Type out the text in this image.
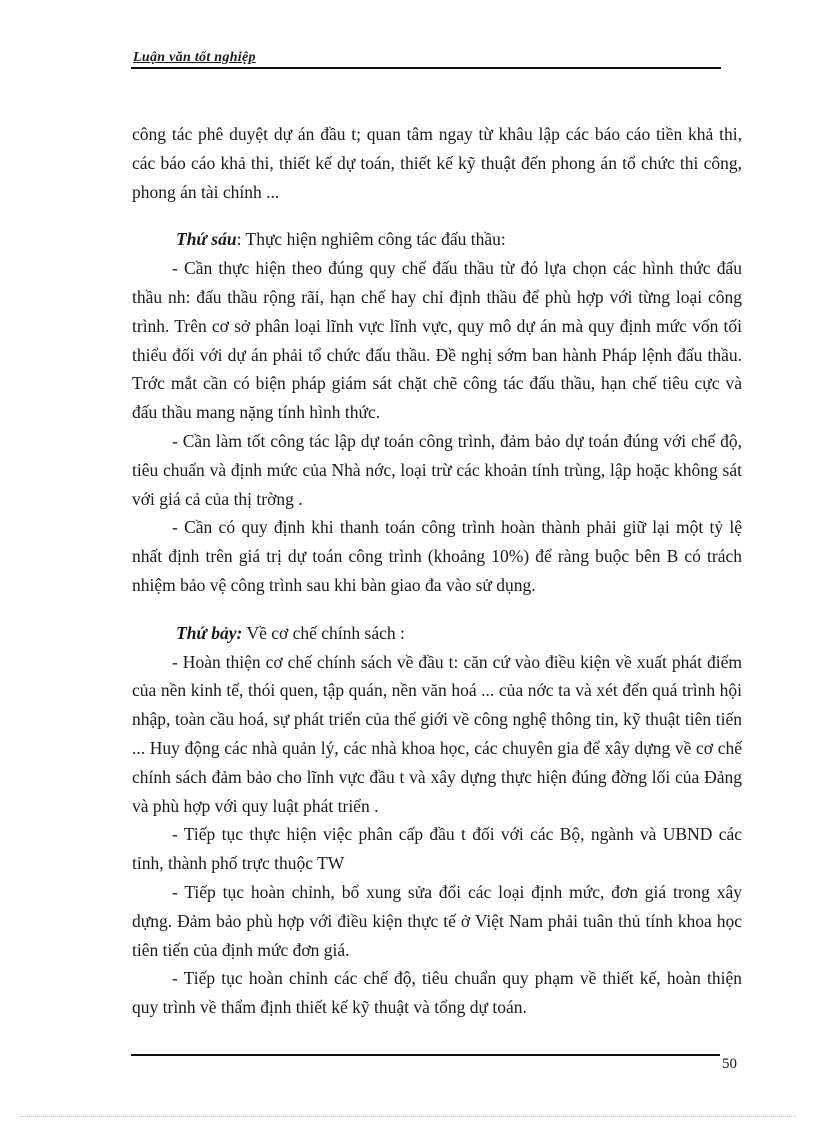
Luận văn tốt nghiệp

công tác phê duyệt dự án đầu t; quan tâm ngay từ khâu lập các báo cáo tiền khả thi, các báo cáo khả thi, thiết kế dự toán, thiết kế kỹ thuật đến phong án tổ chức thi công, phong án tài chính ...

Thứ sáu: Thực hiện nghiêm công tác đấu thầu:

- Cần thực hiện theo đúng quy chế đấu thầu từ đó lựa chọn các hình thức đấu thầu nh: đấu thầu rộng rãi, hạn chế hay chỉ định thầu để phù hợp với từng loại công trình. Trên cơ sở phân loại lĩnh vực lĩnh vực, quy mô dự án mà quy định mức vốn tối thiểu đối với dự án phải tổ chức đấu thầu. Đề nghị sớm ban hành Pháp lệnh đấu thầu. Trớc mắt cần có biện pháp giám sát chặt chẽ công tác đấu thầu, hạn chế tiêu cực và đấu thầu mang nặng tính hình thức.

- Cần làm tốt công tác lập dự toán công trình, đảm bảo dự toán đúng với chế độ, tiêu chuẩn và định mức của Nhà nớc, loại trừ các khoản tính trùng, lập hoặc không sát với giá cả của thị trờng .

- Cần có quy định khi thanh toán công trình hoàn thành phải giữ lại một tỷ lệ nhất định trên giá trị dự toán công trình (khoảng 10%) để ràng buộc bên B có trách nhiệm bảo vệ công trình sau khi bàn giao đa vào sử dụng.

Thứ bảy: Về cơ chế chính sách :

- Hoàn thiện cơ chế chính sách về đầu t: căn cứ vào điều kiện về xuất phát điểm của nền kinh tế, thói quen, tập quán, nền văn hoá ... của nớc ta và xét đến quá trình hội nhập, toàn cầu hoá, sự phát triển của thế giới về công nghệ thông tin, kỹ thuật tiên tiến ... Huy động các nhà quản lý, các nhà khoa học, các chuyên gia để xây dựng về cơ chế chính sách đảm bảo cho lĩnh vực đầu t và xây dựng thực hiện đúng đờng lối của Đảng và phù hợp với quy luật phát triển .

- Tiếp tục thực hiện việc phân cấp đầu t đối với các Bộ, ngành và UBND các tỉnh, thành phố trực thuộc TW

- Tiếp tục hoàn chỉnh, bổ xung sửa đổi các loại định mức, đơn giá trong xây dựng. Đảm bảo phù hợp với điều kiện thực tế ở Việt Nam phải tuân thủ tính khoa học tiên tiến của định mức đơn giá.

- Tiếp tục hoàn chỉnh các chế độ, tiêu chuẩn quy phạm về thiết kế, hoàn thiện quy trình về thẩm định thiết kế kỹ thuật và tổng dự toán.

50
